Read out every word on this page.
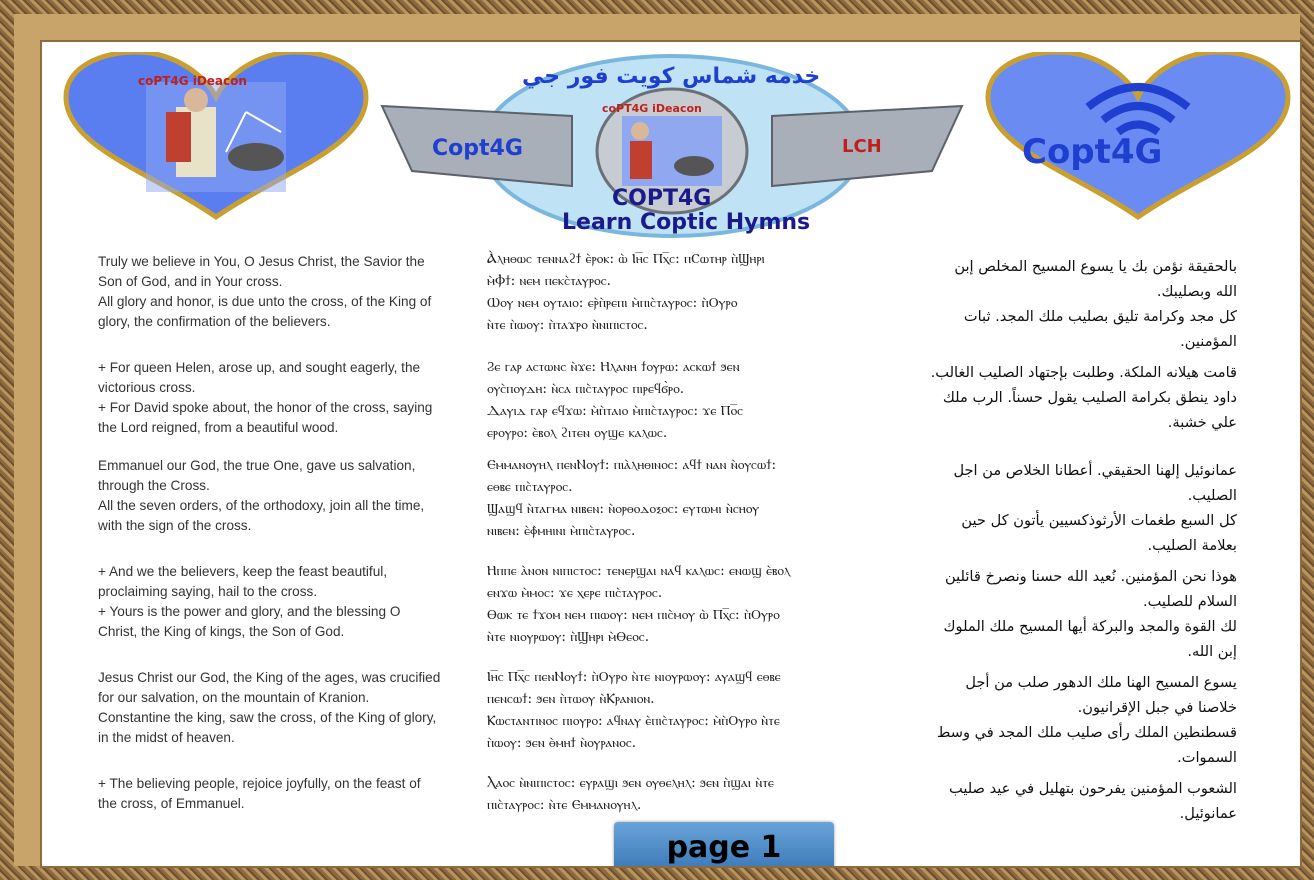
coPT4G iDeacon
Copt4G
خدمه شماس كويت فور جي
coPT4G iDeacon
Copt4G	LCH
COPT4G
Learn Coptic Hymns
Truly we believe in You, O Jesus Christ, the Savior the
Son of God, and in Your cross.
All glory and honor, is due unto the cross, of the King of
glory, the confirmation of the believers.
+ For queen Helen, arose up, and sought eagerly, the
victorious cross.
+ For David spoke about, the honor of the cross, saying
the Lord reigned, from a beautiful wood.
Emmanuel our God, the true One, gave us salvation,
through the Cross.
All the seven orders, of the orthodoxy, join all the time,
with the sign of the cross.
+ And we the believers, keep the feast beautiful,
proclaiming saying, hail to the cross.
+ Yours is the power and glory, and the blessing O
Christ, the King of kings, the Son of God.
Jesus Christ our God, the King of the ages, was crucified
for our salvation, on the mountain of Kranion.
Constantine the king, saw the cross, of the King of glory,
in the midst of heaven.
+ The believing people, rejoice joyfully, on the feast of
the cross, of Emmanuel.
Ⲁ̀ⲗⲏⲑⲱⲥ ⲧⲉⲛⲛⲁϩϯ ⲉ̀ⲣⲟⲕ: ⲱ̀ Ⲓⲏ̅ⲥ Ⲡⲭ̅ⲥ: ⲡⲤⲱⲧⲏⲣ ⲡ̀Ϣⲏⲣⲓ
ⲙ̀Ⲫϯ: ⲛⲉⲙ ⲡⲉⲕⲥ̀ⲧⲁⲩⲣⲟⲥ.
Ⲱⲟⲩ ⲛⲉⲙ ⲟⲩⲧⲁⲓⲟ: ⲉⲣ̀ⲡ̀ⲣⲉⲡⲓ ⲙ̀ⲡⲓⲥ̀ⲧⲁⲩⲣⲟⲥ: ⲡ̀Ⲟⲩⲣⲟ
ⲛ̀ⲧⲉ ⲡ̀ⲱⲟⲩ: ⲡ̀ⲧⲁϫⲣⲟ ⲛ̀ⲛⲓⲡⲓⲥⲧⲟⲥ.
Ϩⲉ ⲅⲁⲣ ⲁⲥⲧⲱⲛⲥ ⲛ̀ϫⲉ: Ⲏⲗⲁⲛⲏ ϯⲟⲩⲣⲱ: ⲁⲥⲕⲱϯ ϧⲉⲛ
ⲟⲩⲥ̀ⲡⲟⲩⲇⲏ: ⲛ̀ⲥⲁ ⲡⲓⲥ̀ⲧⲁⲩⲣⲟⲥ ⲡⲓⲣⲉϥϭ̀ⲣⲟ.
Ⲇⲁⲩⲓⲇ ⲅⲁⲣ ⲉϥϫⲱ: ⲙ̀ⲡ̀ⲧⲁⲓⲟ ⲙ̀ⲡⲓⲥ̀ⲧⲁⲩⲣⲟⲥ: ϫⲉ Ⲡⲟ̅ⲥ
ⲉⲣⲟⲩⲣⲟ: ⲉ̀ⲃⲟⲗ ϩⲓⲧⲉⲛ ⲟⲩϣⲉ ⲕⲁⲗⲱⲥ.
Ⲉⲙⲙⲁⲛⲟⲩⲏⲗ ⲡⲉⲛⲚⲟⲩϯ: ⲡⲓⲁ̀ⲗⲏⲑⲓⲛⲟⲥ: ⲁϥϯ ⲛⲁⲛ ⲛ̀ⲟⲩⲥⲱϯ:
ⲉⲑⲃⲉ ⲡⲓⲥ̀ⲧⲁⲩⲣⲟⲥ.
Ϣⲁϣϥ ⲛ̀ⲧⲁⲅⲙⲁ ⲛⲓⲃⲉⲛ: ⲛ̀ⲟⲣⲑⲟⲇⲟⲝⲟⲥ: ⲉⲩⲧⲱⲙⲓ ⲛ̀ⲥⲏⲟⲩ
ⲛⲓⲃⲉⲛ: ⲉ̀ⲫ̀ⲙⲏⲓⲛⲓ ⲙ̀ⲡⲓⲥ̀ⲧⲁⲩⲣⲟⲥ.
Ⲏⲡⲡⲉ ⲁ̀ⲛⲟⲛ ⲛⲓⲡⲓⲥⲧⲟⲥ: ⲧⲉⲛⲉⲣϣⲁⲓ ⲛⲁϥ ⲕⲁⲗⲱⲥ: ⲉⲛⲱϣ ⲉ̀ⲃⲟⲗ
ⲉⲛϫⲱ ⲙ̀ⲙⲟⲥ: ϫⲉ ⲭⲉⲣⲉ ⲡⲓⲥ̀ⲧⲁⲩⲣⲟⲥ.
Ⲑⲱⲕ ⲧⲉ ϯϫⲟⲙ ⲛⲉⲙ ⲡⲓⲱⲟⲩ: ⲛⲉⲙ ⲡⲓⲥ̀ⲙⲟⲩ ⲱ̀ Ⲡⲭ̅ⲥ: ⲡ̀Ⲟⲩⲣⲟ
ⲛ̀ⲧⲉ ⲛⲓⲟⲩⲣⲱⲟⲩ: ⲡ̀Ϣⲏⲣⲓ ⲙ̀Ⲑⲉⲟⲥ.
Ⲓⲏ̅ⲥ Ⲡⲭ̅ⲥ ⲡⲉⲛⲚⲟⲩϯ: ⲡ̀Ⲟⲩⲣⲟ ⲛ̀ⲧⲉ ⲛⲓⲟⲩⲣⲱⲟⲩ: ⲁⲩⲁϣϥ ⲉⲑⲃⲉ
ⲡⲉⲛⲥⲱϯ: ϧⲉⲛ ⲡ̀ⲧⲱⲟⲩ ⲛ̀Ⲕⲣⲁⲛⲓⲟⲛ.
Ⲕⲱⲥⲧⲁⲛⲧⲓⲛⲟⲥ ⲡⲓⲟⲩⲣⲟ: ⲁϥⲛⲁⲩ ⲉ̀ⲡⲓⲥ̀ⲧⲁⲩⲣⲟⲥ: ⲙ̀ⲡ̀Ⲟⲩⲣⲟ ⲛ̀ⲧⲉ
ⲡ̀ⲱⲟⲩ: ϧⲉⲛ ⲑ̀ⲙⲏϯ ⲛ̀ⲟⲩⲣⲁⲛⲟⲥ.
Ⲗⲁⲟⲥ ⲛ̀ⲛⲓⲡⲓⲥⲧⲟⲥ: ⲉⲩⲣⲁϣⲓ ϧⲉⲛ ⲟⲩⲑⲉⲗⲏⲗ: ϧⲉⲛ ⲡ̀ϣⲁⲓ ⲛ̀ⲧⲉ
ⲡⲓⲥ̀ⲧⲁⲩⲣⲟⲥ: ⲛ̀ⲧⲉ Ⲉⲙⲙⲁⲛⲟⲩⲏⲗ.
بالحقيقة نؤمن بك يا يسوع المسيح المخلص إبن
الله وبصليبك.
كل مجد وكرامة تليق بصليب ملك المجد. ثبات
المؤمنين.
قامت هيلانه الملكة. وطلبت بإجتهاد الصليب الغالب.
داود ينطق بكرامة الصليب يقول حسناً. الرب ملك
علي خشبة.
عمانوئيل إلهنا الحقيقي. أعطانا الخلاص من اجل
الصليب.
كل السبع طغمات الأرثوذكسيين يأتون كل حين
بعلامة الصليب.
هوذا نحن المؤمنين. نُعيد الله حسنا ونصرخ قائلين
السلام للصليب.
لك القوة والمجد والبركة أيها المسيح ملك الملوك
إبن الله.
يسوع المسيح الهنا ملك الدهور صلب من أجل
خلاصنا في جبل الإقرانيون.
قسطنطين الملك رأى صليب ملك المجد في وسط
السموات.
الشعوب المؤمنين يفرحون بتهليل في عيد صليب
عمانوئيل.
page 1
